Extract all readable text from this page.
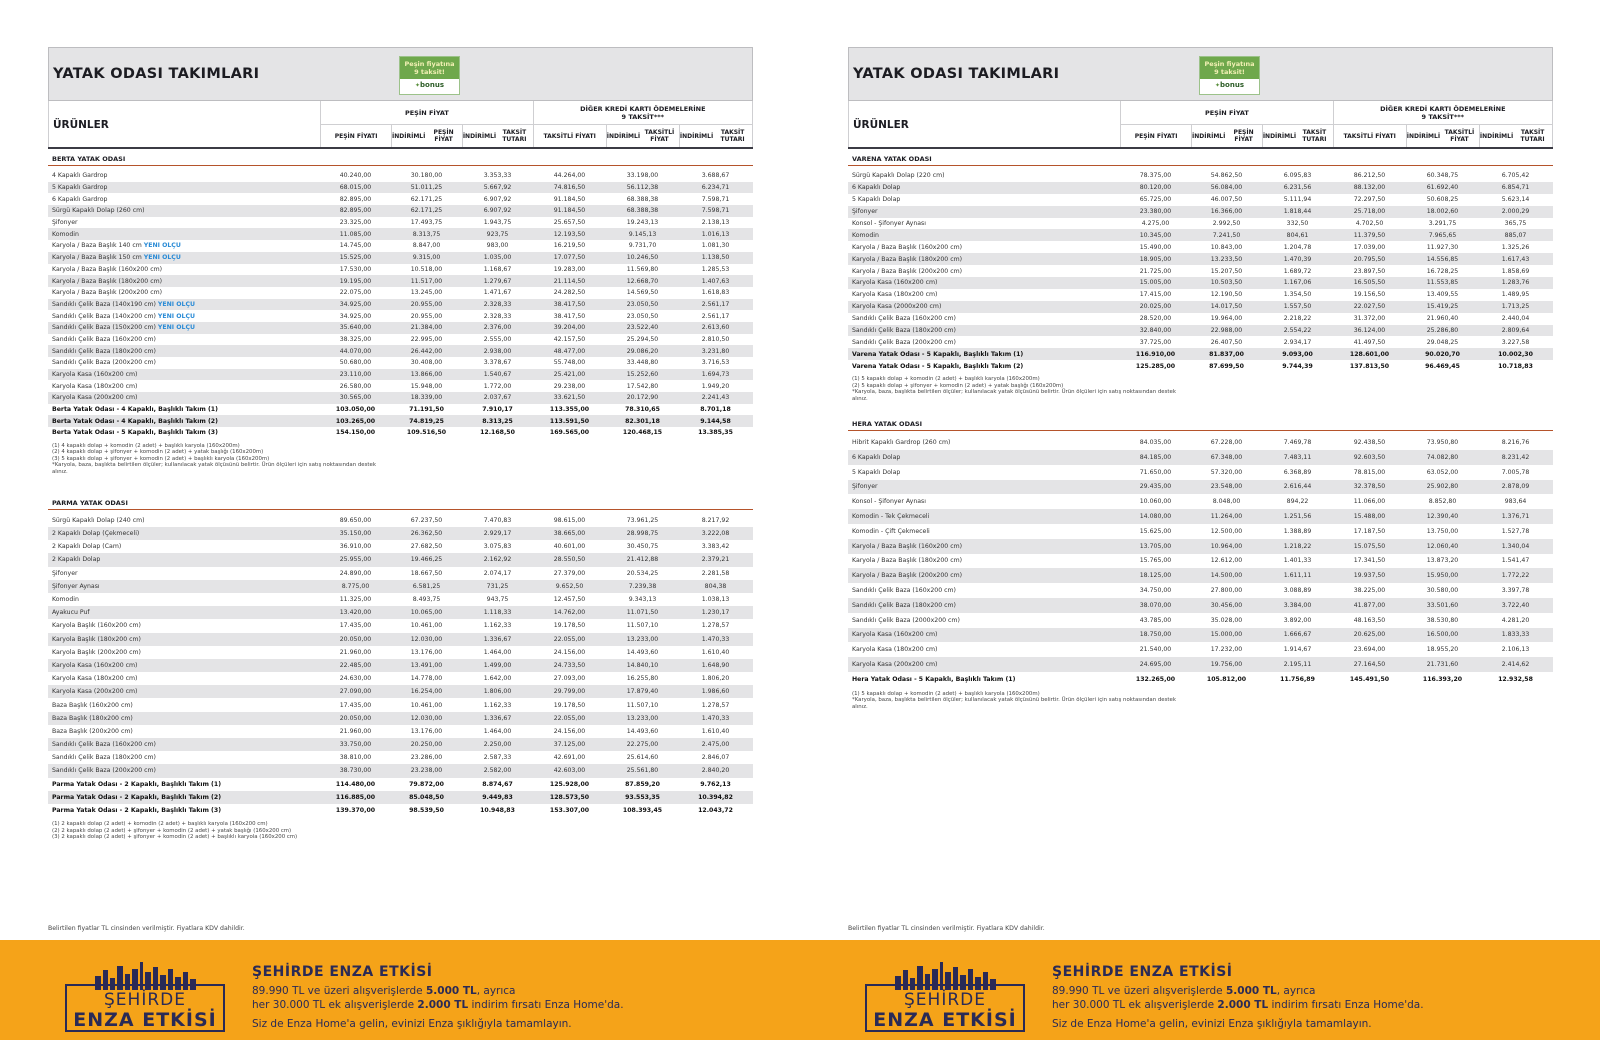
YATAK ODASI TAKIMLARI
Peşin fiyatına
9 taksit!
✦bonus
ÜRÜNLER
PEŞİN FİYAT
PEŞİN FİYATI	İNDİRİMLİ	PEŞİN FİYAT	İNDİRİMLİ	TAKSİT TUTARI
DİĞER KREDİ KARTI ÖDEMELERİNE
9 TAKSİT***
TAKSİTLİ FİYATI	İNDİRİMLİ TAKSİTLİ FİYAT	İNDİRİMLİ	TAKSİT TUTARI
BERTA YATAK ODASI
4 Kapaklı Gardrop	40.240,00	30.180,00	3.353,33	44.264,00	33.198,00	3.688,67
5 Kapaklı Gardrop	68.015,00	51.011,25	5.667,92	74.816,50	56.112,38	6.234,71
6 Kapaklı Gardrop	82.895,00	62.171,25	6.907,92	91.184,50	68.388,38	7.598,71
Sürgü Kapaklı Dolap (260 cm)	82.895,00	62.171,25	6.907,92	91.184,50	68.388,38	7.598,71
Şifonyer	23.325,00	17.493,75	1.943,75	25.657,50	19.243,13	2.138,13
Komodin	11.085,00	8.313,75	923,75	12.193,50	9.145,13	1.016,13
Karyola / Baza Başlık 140 cm YENİ ÖLÇÜ	14.745,00	8.847,00	983,00	16.219,50	9.731,70	1.081,30
Karyola / Baza Başlık 150 cm YENİ ÖLÇÜ	15.525,00	9.315,00	1.035,00	17.077,50	10.246,50	1.138,50
Karyola / Baza Başlık (160x200 cm)	17.530,00	10.518,00	1.168,67	19.283,00	11.569,80	1.285,53
Karyola / Baza Başlık (180x200 cm)	19.195,00	11.517,00	1.279,67	21.114,50	12.668,70	1.407,63
Karyola / Baza Başlık (200x200 cm)	22.075,00	13.245,00	1.471,67	24.282,50	14.569,50	1.618,83
Sandıklı Çelik Baza (140x190 cm) YENİ ÖLÇÜ	34.925,00	20.955,00	2.328,33	38.417,50	23.050,50	2.561,17
Sandıklı Çelik Baza (140x200 cm) YENİ ÖLÇÜ	34.925,00	20.955,00	2.328,33	38.417,50	23.050,50	2.561,17
Sandıklı Çelik Baza (150x200 cm) YENİ ÖLÇÜ	35.640,00	21.384,00	2.376,00	39.204,00	23.522,40	2.613,60
Sandıklı Çelik Baza (160x200 cm)	38.325,00	22.995,00	2.555,00	42.157,50	25.294,50	2.810,50
Sandıklı Çelik Baza (180x200 cm)	44.070,00	26.442,00	2.938,00	48.477,00	29.086,20	3.231,80
Sandıklı Çelik Baza (200x200 cm)	50.680,00	30.408,00	3.378,67	55.748,00	33.448,80	3.716,53
Karyola Kasa (160x200 cm)	23.110,00	13.866,00	1.540,67	25.421,00	15.252,60	1.694,73
Karyola Kasa (180x200 cm)	26.580,00	15.948,00	1.772,00	29.238,00	17.542,80	1.949,20
Karyola Kasa (200x200 cm)	30.565,00	18.339,00	2.037,67	33.621,50	20.172,90	2.241,43
Berta Yatak Odası - 4 Kapaklı, Başlıklı Takım (1)	103.050,00	71.191,50	7.910,17	113.355,00	78.310,65	8.701,18
Berta Yatak Odası - 4 Kapaklı, Başlıklı Takım (2)	103.265,00	74.819,25	8.313,25	113.591,50	82.301,18	9.144,58
Berta Yatak Odası - 5 Kapaklı, Başlıklı Takım (3)	154.150,00	109.516,50	12.168,50	169.565,00	120.468,15	13.385,35
(1) 4 kapaklı dolap + komodin (2 adet) + başlıklı karyola (160x200m)
(2) 4 kapaklı dolap + şifonyer + komodin (2 adet) + yatak başlığı (160x200m)
(3) 5 kapaklı dolap + şifonyer + komodin (2 adet) + başlıklı karyola (160x200m)
*Karyola, baza, başlıkta belirtilen ölçüler; kullanılacak yatak ölçüsünü belirtir. Ürün ölçüleri için satış noktasından destek alınız.
PARMA YATAK ODASI
Sürgü Kapaklı Dolap (240 cm)	89.650,00	67.237,50	7.470,83	98.615,00	73.961,25	8.217,92
2 Kapaklı Dolap (Çekmeceli)	35.150,00	26.362,50	2.929,17	38.665,00	28.998,75	3.222,08
2 Kapaklı Dolap (Cam)	36.910,00	27.682,50	3.075,83	40.601,00	30.450,75	3.383,42
2 Kapaklı Dolap	25.955,00	19.466,25	2.162,92	28.550,50	21.412,88	2.379,21
Şifonyer	24.890,00	18.667,50	2.074,17	27.379,00	20.534,25	2.281,58
Şifonyer Aynası	8.775,00	6.581,25	731,25	9.652,50	7.239,38	804,38
Komodin	11.325,00	8.493,75	943,75	12.457,50	9.343,13	1.038,13
Ayakucu Puf	13.420,00	10.065,00	1.118,33	14.762,00	11.071,50	1.230,17
Karyola Başlık (160x200 cm)	17.435,00	10.461,00	1.162,33	19.178,50	11.507,10	1.278,57
Karyola Başlık (180x200 cm)	20.050,00	12.030,00	1.336,67	22.055,00	13.233,00	1.470,33
Karyola Başlık (200x200 cm)	21.960,00	13.176,00	1.464,00	24.156,00	14.493,60	1.610,40
Karyola Kasa (160x200 cm)	22.485,00	13.491,00	1.499,00	24.733,50	14.840,10	1.648,90
Karyola Kasa (180x200 cm)	24.630,00	14.778,00	1.642,00	27.093,00	16.255,80	1.806,20
Karyola Kasa (200x200 cm)	27.090,00	16.254,00	1.806,00	29.799,00	17.879,40	1.986,60
Baza Başlık (160x200 cm)	17.435,00	10.461,00	1.162,33	19.178,50	11.507,10	1.278,57
Baza Başlık (180x200 cm)	20.050,00	12.030,00	1.336,67	22.055,00	13.233,00	1.470,33
Baza Başlık (200x200 cm)	21.960,00	13.176,00	1.464,00	24.156,00	14.493,60	1.610,40
Sandıklı Çelik Baza (160x200 cm)	33.750,00	20.250,00	2.250,00	37.125,00	22.275,00	2.475,00
Sandıklı Çelik Baza (180x200 cm)	38.810,00	23.286,00	2.587,33	42.691,00	25.614,60	2.846,07
Sandıklı Çelik Baza (200x200 cm)	38.730,00	23.238,00	2.582,00	42.603,00	25.561,80	2.840,20
Parma Yatak Odası - 2 Kapaklı, Başlıklı Takım (1)	114.480,00	79.872,00	8.874,67	125.928,00	87.859,20	9.762,13
Parma Yatak Odası - 2 Kapaklı, Başlıklı Takım (2)	116.885,00	85.048,50	9.449,83	128.573,50	93.553,35	10.394,82
Parma Yatak Odası - 2 Kapaklı, Başlıklı Takım (3)	139.370,00	98.539,50	10.948,83	153.307,00	108.393,45	12.043,72
(1) 2 kapaklı dolap (2 adet) + komodin (2 adet) + başlıklı karyola (160x200 cm)
(2) 2 kapaklı dolap (2 adet) + şifonyer + komodin (2 adet) + yatak başlığı (160x200 cm)
(3) 2 kapaklı dolap (2 adet) + şifonyer + komodin (2 adet) + başlıklı karyola (160x200 cm)
YATAK ODASI TAKIMLARI
Peşin fiyatına
9 taksit!
✦bonus
ÜRÜNLER
PEŞİN FİYAT
PEŞİN FİYATI	İNDİRİMLİ	PEŞİN FİYAT	İNDİRİMLİ	TAKSİT TUTARI
DİĞER KREDİ KARTI ÖDEMELERİNE
9 TAKSİT***
TAKSİTLİ FİYATI	İNDİRİMLİ TAKSİTLİ FİYAT	İNDİRİMLİ	TAKSİT TUTARI
VARENA YATAK ODASI
Sürgü Kapaklı Dolap (220 cm)	78.375,00	54.862,50	6.095,83	86.212,50	60.348,75	6.705,42
6 Kapaklı Dolap	80.120,00	56.084,00	6.231,56	88.132,00	61.692,40	6.854,71
5 Kapaklı Dolap	65.725,00	46.007,50	5.111,94	72.297,50	50.608,25	5.623,14
Şifonyer	23.380,00	16.366,00	1.818,44	25.718,00	18.002,60	2.000,29
Konsol - Şifonyer Aynası	4.275,00	2.992,50	332,50	4.702,50	3.291,75	365,75
Komodin	10.345,00	7.241,50	804,61	11.379,50	7.965,65	885,07
Karyola / Baza Başlık (160x200 cm)	15.490,00	10.843,00	1.204,78	17.039,00	11.927,30	1.325,26
Karyola / Baza Başlık (180x200 cm)	18.905,00	13.233,50	1.470,39	20.795,50	14.556,85	1.617,43
Karyola / Baza Başlık (200x200 cm)	21.725,00	15.207,50	1.689,72	23.897,50	16.728,25	1.858,69
Karyola Kasa (160x200 cm)	15.005,00	10.503,50	1.167,06	16.505,50	11.553,85	1.283,76
Karyola Kasa (180x200 cm)	17.415,00	12.190,50	1.354,50	19.156,50	13.409,55	1.489,95
Karyola Kasa (2000x200 cm)	20.025,00	14.017,50	1.557,50	22.027,50	15.419,25	1.713,25
Sandıklı Çelik Baza (160x200 cm)	28.520,00	19.964,00	2.218,22	31.372,00	21.960,40	2.440,04
Sandıklı Çelik Baza (180x200 cm)	32.840,00	22.988,00	2.554,22	36.124,00	25.286,80	2.809,64
Sandıklı Çelik Baza (200x200 cm)	37.725,00	26.407,50	2.934,17	41.497,50	29.048,25	3.227,58
Varena Yatak Odası - 5 Kapaklı, Başlıklı Takım (1)	116.910,00	81.837,00	9.093,00	128.601,00	90.020,70	10.002,30
Varena Yatak Odası - 5 Kapaklı, Başlıklı Takım (2)	125.285,00	87.699,50	9.744,39	137.813,50	96.469,45	10.718,83
(1) 5 kapaklı dolap + komodin (2 adet) + başlıklı karyola (160x200m)
(2) 5 kapaklı dolap + şifonyer + komodin (2 adet) + yatak başlığı (160x200m)
*Karyola, baza, başlıkta belirtilen ölçüler; kullanılacak yatak ölçüsünü belirtir. Ürün ölçüleri için satış noktasından destek alınız.
HERA YATAK ODASI
Hibrit Kapaklı Gardrop (260 cm)	84.035,00	67.228,00	7.469,78	92.438,50	73.950,80	8.216,76
6 Kapaklı Dolap	84.185,00	67.348,00	7.483,11	92.603,50	74.082,80	8.231,42
5 Kapaklı Dolap	71.650,00	57.320,00	6.368,89	78.815,00	63.052,00	7.005,78
Şifonyer	29.435,00	23.548,00	2.616,44	32.378,50	25.902,80	2.878,09
Konsol - Şifonyer Aynası	10.060,00	8.048,00	894,22	11.066,00	8.852,80	983,64
Komodin - Tek Çekmeceli	14.080,00	11.264,00	1.251,56	15.488,00	12.390,40	1.376,71
Komodin - Çift Çekmeceli	15.625,00	12.500,00	1.388,89	17.187,50	13.750,00	1.527,78
Karyola / Baza Başlık (160x200 cm)	13.705,00	10.964,00	1.218,22	15.075,50	12.060,40	1.340,04
Karyola / Baza Başlık (180x200 cm)	15.765,00	12.612,00	1.401,33	17.341,50	13.873,20	1.541,47
Karyola / Baza Başlık (200x200 cm)	18.125,00	14.500,00	1.611,11	19.937,50	15.950,00	1.772,22
Sandıklı Çelik Baza (160x200 cm)	34.750,00	27.800,00	3.088,89	38.225,00	30.580,00	3.397,78
Sandıklı Çelik Baza (180x200 cm)	38.070,00	30.456,00	3.384,00	41.877,00	33.501,60	3.722,40
Sandıklı Çelik Baza (2000x200 cm)	43.785,00	35.028,00	3.892,00	48.163,50	38.530,80	4.281,20
Karyola Kasa (160x200 cm)	18.750,00	15.000,00	1.666,67	20.625,00	16.500,00	1.833,33
Karyola Kasa (180x200 cm)	21.540,00	17.232,00	1.914,67	23.694,00	18.955,20	2.106,13
Karyola Kasa (200x200 cm)	24.695,00	19.756,00	2.195,11	27.164,50	21.731,60	2.414,62
Hera Yatak Odası - 5 Kapaklı, Başlıklı Takım (1)	132.265,00	105.812,00	11.756,89	145.491,50	116.393,20	12.932,58
(1) 5 kapaklı dolap + komodin (2 adet) + başlıklı karyola (160x200m)
*Karyola, baza, başlıkta belirtilen ölçüler; kullanılacak yatak ölçüsünü belirtir. Ürün ölçüleri için satış noktasından destek alınız.
Belirtilen fiyatlar TL cinsinden verilmiştir. Fiyatlara KDV dahildir.	Belirtilen fiyatlar TL cinsinden verilmiştir. Fiyatlara KDV dahildir.
ŞEHİRDE
ENZA ETKİSİ
ŞEHİRDE ENZA ETKİSİ
89.990 TL ve üzeri alışverişlerde 5.000 TL, ayrıca
her 30.000 TL ek alışverişlerde 2.000 TL indirim fırsatı Enza Home'da.
Siz de Enza Home'a gelin, evinizi Enza şıklığıyla tamamlayın.
ŞEHİRDE
ENZA ETKİSİ
ŞEHİRDE ENZA ETKİSİ
89.990 TL ve üzeri alışverişlerde 5.000 TL, ayrıca
her 30.000 TL ek alışverişlerde 2.000 TL indirim fırsatı Enza Home'da.
Siz de Enza Home'a gelin, evinizi Enza şıklığıyla tamamlayın.
